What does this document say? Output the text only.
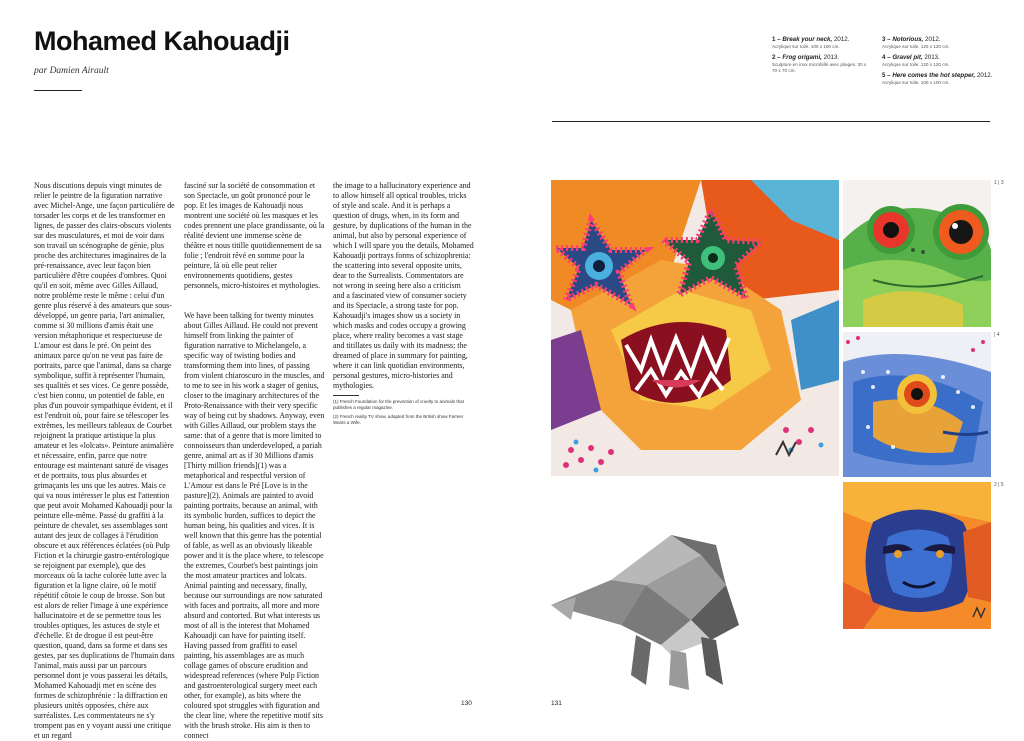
Mohamed Kahouadji
par Damien Airault

Nous discutions depuis vingt minutes de relier le peintre de la figuration narrative avec Michel-Ange, une façon particulière de torsader les corps et de les transformer en lignes, de passer des clairs-obscurs violents sur des musculatures, et moi de voir dans son travail un scénographe de génie, plus proche des architectures imaginaires de la pré-renaissance, avec leur façon bien particulière d'être coupées d'ombres. Quoi qu'il en soit, même avec Gilles Aillaud, notre problème reste le même : celui d'un genre plus réservé à des amateurs que sous-développé, un genre paria, l'art animalier, comme si 30 millions d'amis était une version métaphorique et respectueuse de L'amour est dans le pré. On peint des animaux parce qu'on ne veut pas faire de portraits, parce que l'animal, dans sa charge symbolique, suffit à représenter l'humain, ses qualités et ses vices. Ce genre possède, c'est bien connu, un potentiel de fable, en plus d'un pouvoir sympathique évident, et il est l'endroit où, pour faire se télescoper les extrêmes, les meilleurs tableaux de Courbet rejoignent la pratique artistique la plus amateur et les «lolcats». Peinture animalière et nécessaire, enfin, parce que notre entourage est maintenant saturé de visages et de portraits, tous plus absurdes et grimaçants les uns que les autres. Mais ce qui va nous intéresser le plus est l'attention que peut avoir Mohamed Kahouadji pour la peinture elle-même. Passé du graffiti à la peinture de chevalet, ses assemblages sont autant des jeux de collages à l'érudition obscure et aux références éclatées (où Pulp Fiction et la chirurgie gastro-entérologique se rejoignent par exemple), que des morceaux où la tache colorée lutte avec la figuration et la ligne claire, où le motif répétitif côtoie le coup de brosse. Son but est alors de relier l'image à une expérience hallucinatoire et de se permettre tous les troubles optiques, les astuces de style et d'échelle. Et de drogue il est peut-être question, quand, dans sa forme et dans ses gestes, par ses duplications de l'humain dans l'animal, mais aussi par un parcours personnel dont je vous passerai les détails, Mohamed Kahouadji met en scène des formes de schizophrénie : la diffraction en plusieurs unités opposées, chère aux surréalistes. Les commentateurs ne s'y trompent pas en y voyant aussi une critique et un regard

fasciné sur la société de consommation et son Spectacle, un goût prononcé pour le pop. Et les images de Kahouadji nous montrent une société où les masques et les codes prennent une place grandissante, où la réalité devient une immense scène de théâtre et nous titille quotidiennement de sa folie ; l'endroit rêvé en somme pour la peinture, là où elle peut relier environnements quotidiens, gestes personnels, micro-histoires et mythologies.

We have been talking for twenty minutes about Gilles Aillaud. He could not prevent himself from linking the painter of figuration narrative to Michelangelo, a specific way of twisting bodies and transforming them into lines, of passing from violent chiaroscuro in the muscles, and to me to see in his work a stager of genius, closer to the imaginary architectures of the Proto-Renaissance with their very specific way of being cut by shadows. Anyway, even with Gilles Aillaud, our problem stays the same: that of a genre that is more limited to connoisseurs than underdeveloped, a pariah genre, animal art as if 30 Millions d'amis [Thirty million friends](1) was a metaphorical and respectful version of L'Amour est dans le Pré [Love is in the pasture](2). Animals are painted to avoid painting portraits, because an animal, with its symbolic burden, suffices to depict the human being, his qualities and vices. It is well known that this genre has the potential of fable, as well as an obviously likeable power and it is the place where, to telescope the extremes, Courbet's best paintings join the most amateur practices and lolcats. Animal painting and necessary, finally, because our surroundings are now saturated with faces and portraits, all more and more absurd and contorted. But what interests us most of all is the interest that Mohamed Kahouadji can have for painting itself. Having passed from graffiti to easel painting, his assemblages are as much collage games of obscure erudition and widespread references (where Pulp Fiction and gastroenterological surgery meet each other, for example), as bits where the coloured spot struggles with figuration and the clear line, where the repetitive motif sits with the brush stroke. His aim is then to connect

the image to a hallucinatory experience and to allow himself all optical troubles, tricks of style and scale. And it is perhaps a question of drugs, when, in its form and gesture, by duplications of the human in the animal, but also by personal experience of which I will spare you the details, Mohamed Kahouadji portrays forms of schizophrenia: the scattering into several opposite units, dear to the Surrealists. Commentators are not wrong in seeing here also a criticism and a fascinated view of consumer society and its Spectacle, a strong taste for pop. Kahouadji's images show us a society in which masks and codes occupy a growing place, where reality becomes a vast stage and titillates us daily with its madness; the dreamed of place in summary for painting, where it can link quotidian environments, personal gestures, micro-histories and mythologies.

(1) French Foundation for the prevention of cruelty to animals that publishes a regular magazine.
(2) French reality TV show, adapted from the British show Farmer Wants a Wife.
130
1 – Break your neck, 2012.
Acrylique sur toile. 100 x 100 cm.
2 – Frog origami, 2013.
Sculpture en inox microbillé avec pliages. 30 x 70 x 70 cm.
3 – Notorious, 2012.
Acrylique sur toile. 120 x 120 cm.
4 – Gravel pit, 2013.
Acrylique sur toile. 120 x 120 cm.
5 – Here comes the hot stepper, 2012.
Acrylique sur toile. 100 x 100 cm.
131
1 | 3
| 4
2 | 5
